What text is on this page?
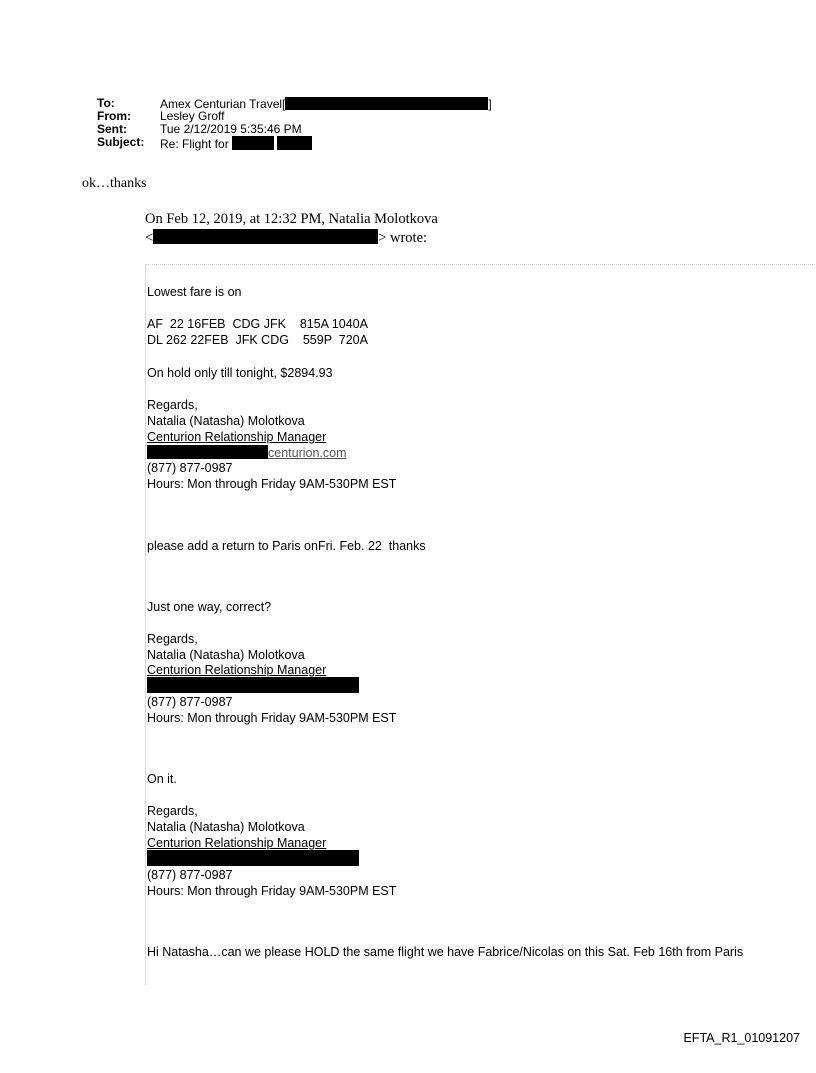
To:	Amex Centurian Travel[	]
From: Lesley Groff
Sent:	Tue 2/12/2019 5:35:46 PM
Subject: Re: Flight for
ok…thanks
On Feb 12, 2019, at 12:32 PM, Natalia Molotkova
<	> wrote:
Lowest fare is on
AF  22 16FEB  CDG JFK    815A 1040A
DL 262 22FEB  JFK CDG    559P  720A
On hold only till tonight, $2894.93
Regards,
Natalia (Natasha) Molotkova
Centurion Relationship Manager
centurion.com
(877) 877-0987
Hours: Mon through Friday 9AM-530PM EST
please add a return to Paris onFri. Feb. 22  thanks
Just one way, correct?
Regards,
Natalia (Natasha) Molotkova
Centurion Relationship Manager
(877) 877-0987
Hours: Mon through Friday 9AM-530PM EST
On it.
Regards,
Natalia (Natasha) Molotkova
Centurion Relationship Manager
(877) 877-0987
Hours: Mon through Friday 9AM-530PM EST
Hi Natasha…can we please HOLD the same flight we have Fabrice/Nicolas on this Sat. Feb 16th from Paris
EFTA_R1_01091207
